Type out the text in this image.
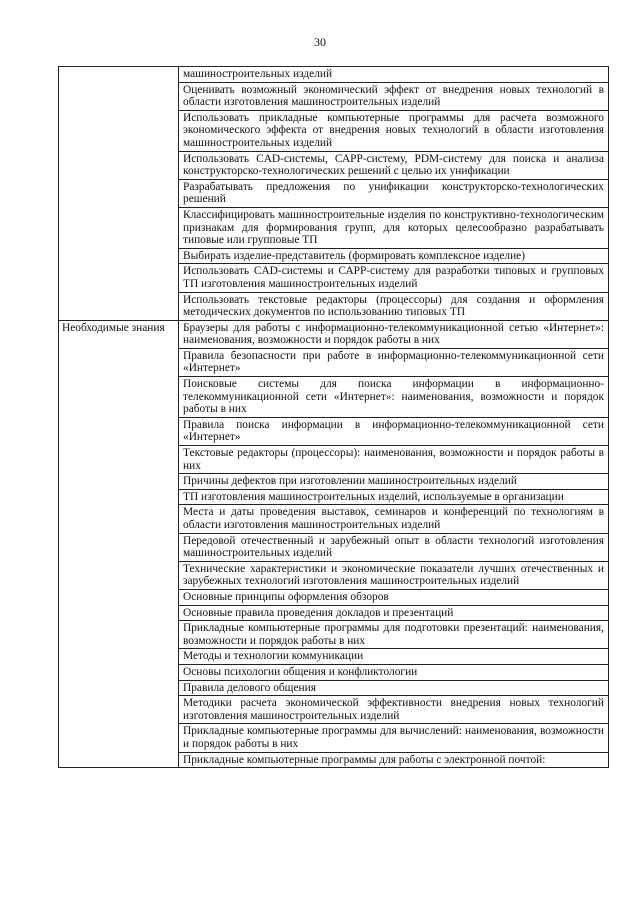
30
	машиностроительных изделий
	Оценивать возможный экономический эффект от внедрения новых технологий в области изготовления машиностроительных изделий
	Использовать прикладные компьютерные программы для расчета возможного экономического эффекта от внедрения новых технологий в области изготовления машиностроительных изделий
	Использовать CAD-системы, САРР-систему, PDM-систему для поиска и анализа конструкторско-технологических решений с целью их унификации
	Разрабатывать предложения по унификации конструкторско-технологических решений
	Классифицировать машиностроительные изделия по конструктивно-технологическим признакам для формирования групп, для которых целесообразно разрабатывать типовые или групповые ТП
	Выбирать изделие-представитель (формировать комплексное изделие)
	Использовать CAD-системы и САРР-систему для разработки типовых и групповых ТП изготовления машиностроительных изделий
	Использовать текстовые редакторы (процессоры) для создания и оформления методических документов по использованию типовых ТП
Необходимые знания	Браузеры для работы с информационно-телекоммуникационной сетью «Интернет»: наименования, возможности и порядок работы в них
	Правила безопасности при работе в информационно-телекоммуникационной сети «Интернет»
	Поисковые системы для поиска информации в информационно-телекоммуникационной сети «Интернет»: наименования, возможности и порядок работы в них
	Правила поиска информации в информационно-телекоммуникационной сети «Интернет»
	Текстовые редакторы (процессоры): наименования, возможности и порядок работы в них
	Причины дефектов при изготовлении машиностроительных изделий
	ТП изготовления машиностроительных изделий, используемые в организации
	Места и даты проведения выставок, семинаров и конференций по технологиям в области изготовления машиностроительных изделий
	Передовой отечественный и зарубежный опыт в области технологий изготовления машиностроительных изделий
	Технические характеристики и экономические показатели лучших отечественных и зарубежных технологий изготовления машиностроительных изделий
	Основные принципы оформления обзоров
	Основные правила проведения докладов и презентаций
	Прикладные компьютерные программы для подготовки презентаций: наименования, возможности и порядок работы в них
	Методы и технологии коммуникации
	Основы психологии общения и конфликтологии
	Правила делового общения
	Методики расчета экономической эффективности внедрения новых технологий изготовления машиностроительных изделий
	Прикладные компьютерные программы для вычислений: наименования, возможности и порядок работы в них
	Прикладные компьютерные программы для работы с электронной почтой:
